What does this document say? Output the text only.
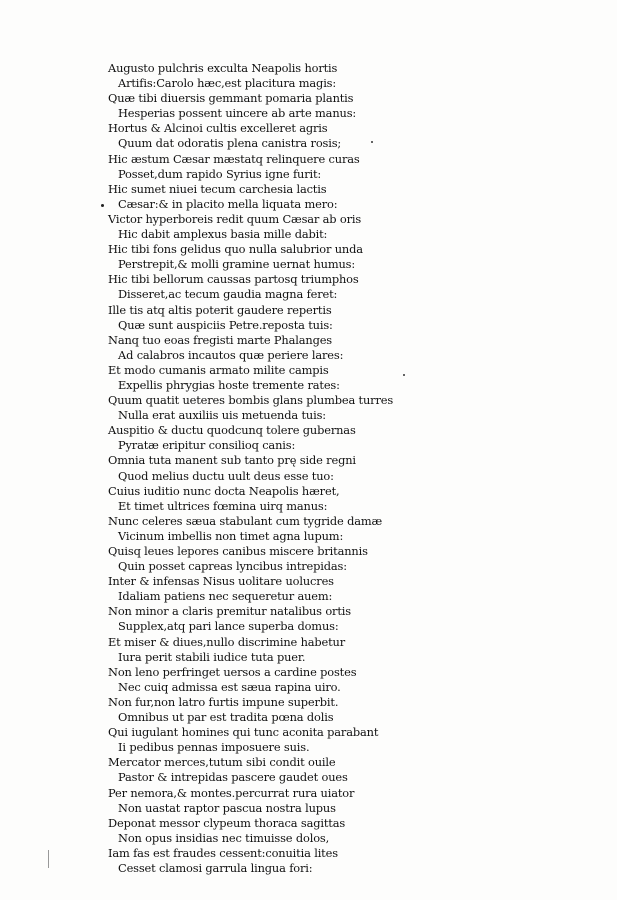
Augusto pulchris exculta Neapolis hortis
Artifis:Carolo hæc,est placitura magis:
Quæ tibi diuersis gemmant pomaria plantis
Hesperias possent uincere ab arte manus:
Hortus & Alcinoi cultis excelleret agris
Quum dat odoratis plena canistra rosis;
Hic æstum Cæsar mæstatq relinquere curas
Posset,dum rapido Syrius igne furit:
Hic sumet niuei tecum carchesia lactis
Cæsar:& in placito mella liquata mero:
Victor hyperboreis redit quum Cæsar ab oris
Hic dabit amplexus basia mille dabit:
Hic tibi fons gelidus quo nulla salubrior unda
Perstrepit,& molli gramine uernat humus:
Hic tibi bellorum caussas partosq triumphos
Disseret,ac tecum gaudia magna feret:
Ille tis atq altis poterit gaudere repertis
Quæ sunt auspiciis Petre.reposta tuis:
Nanq tuo eoas fregisti marte Phalanges
Ad calabros incautos quæ periere lares:
Et modo cumanis armato milite campis
Expellis phrygias hoste tremente rates:
Quum quatit ueteres bombis glans plumbea turres
Nulla erat auxiliis uis metuenda tuis:
Auspitio & ductu quodcunq tolere gubernas
Pyratæ eripitur consilioq canis:
Omnia tuta manent sub tanto prę side regni
Quod melius ductu uult deus esse tuo:
Cuius iuditio nunc docta Neapolis hæret,
Et timet ultrices fœmina uirq manus:
Nunc celeres sæua stabulant cum tygride damæ
Vicinum imbellis non timet agna lupum:
Quisq leues lepores canibus miscere britannis
Quin posset capreas lyncibus intrepidas:
Inter & infensas Nisus uolitare uolucres
Idaliam patiens nec sequeretur auem:
Non minor a claris premitur natalibus ortis
Supplex,atq pari lance superba domus:
Et miser & diues,nullo discrimine habetur
Iura perit stabili iudice tuta puer.
Non leno perfringet uersos a cardine postes
Nec cuiq admissa est sæua rapina uiro.
Non fur,non latro furtis impune superbit.
Omnibus ut par est tradita pœna dolis
Qui iugulant homines qui tunc aconita parabant
Ii pedibus pennas imposuere suis.
Mercator merces,tutum sibi condit ouile
Pastor & intrepidas pascere gaudet oues
Per nemora,& montes.percurrat rura uiator
Non uastat raptor pascua nostra lupus
Deponat messor clypeum thoraca sagittas
Non opus insidias nec timuisse dolos,
Iam fas est fraudes cessent:conuitia lites
Cesset clamosi garrula lingua fori:
